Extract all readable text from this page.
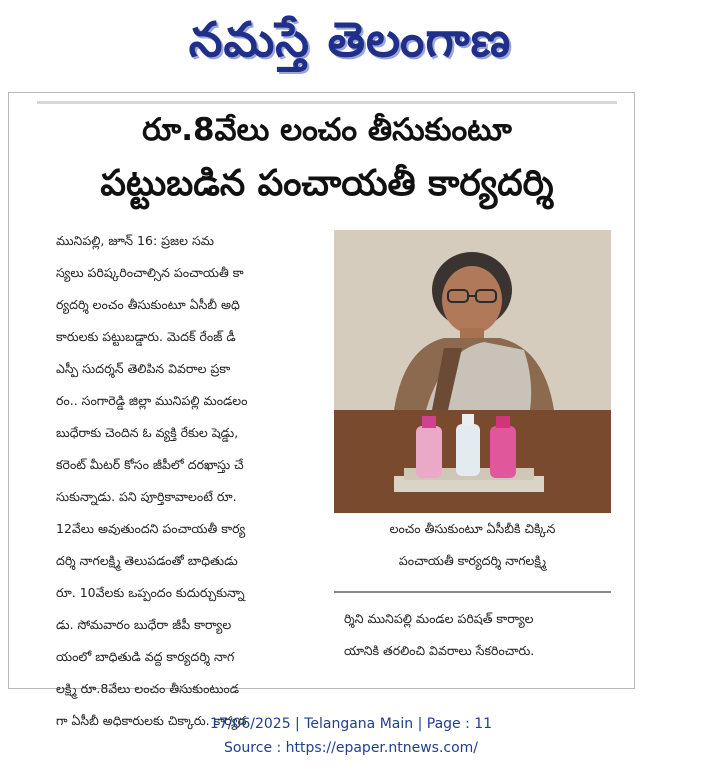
నమస్తే తెలంగాణ
రూ.8వేలు లంచం తీసుకుంటూ
పట్టుబడిన పంచాయతీ కార్యదర్శి
మునిపల్లి, జూన్ 16: ప్రజల సమ
స్యలు పరిష్కరించాల్సిన పంచాయతీ కా
ర్యదర్శి లంచం తీసుకుంటూ ఏసీబీ అధి
కారులకు పట్టుబడ్డారు. మెదక్ రేంజ్ డీ
ఎస్పీ సుదర్శన్ తెలిపిన వివరాల ప్రకా
రం.. సంగారెడ్డి జిల్లా మునిపల్లి మండలం
బుధేరాకు చెందిన ఓ వ్యక్తి రేకుల షెడ్డు,
కరెంట్ మీటర్ కోసం జీపీలో దరఖాస్తు చే
సుకున్నాడు. పని పూర్తికావాలంటే రూ.
12వేలు అవుతుందని పంచాయతీ కార్య
దర్శి నాగలక్ష్మి తెలుపడంతో బాధితుడు
రూ. 10వేలకు ఒప్పందం కుదుర్చుకున్నా
డు. సోమవారం బుధేరా జీపీ కార్యాల
యంలో బాధితుడి వద్ద కార్యదర్శి నాగ
లక్ష్మి రూ.8వేలు లంచం తీసుకుంటుండ
గా ఏసీబీ అధికారులకు చిక్కారు. కార్యద
లంచం తీసుకుంటూ ఏసీబీకి చిక్కిన
పంచాయతీ కార్యదర్శి నాగలక్ష్మి
ర్శిని మునిపల్లి మండల పరిషత్ కార్యాల
యానికి తరలించి వివరాలు సేకరించారు.
17/06/2025 | Telangana Main | Page : 11
Source : https://epaper.ntnews.com/
